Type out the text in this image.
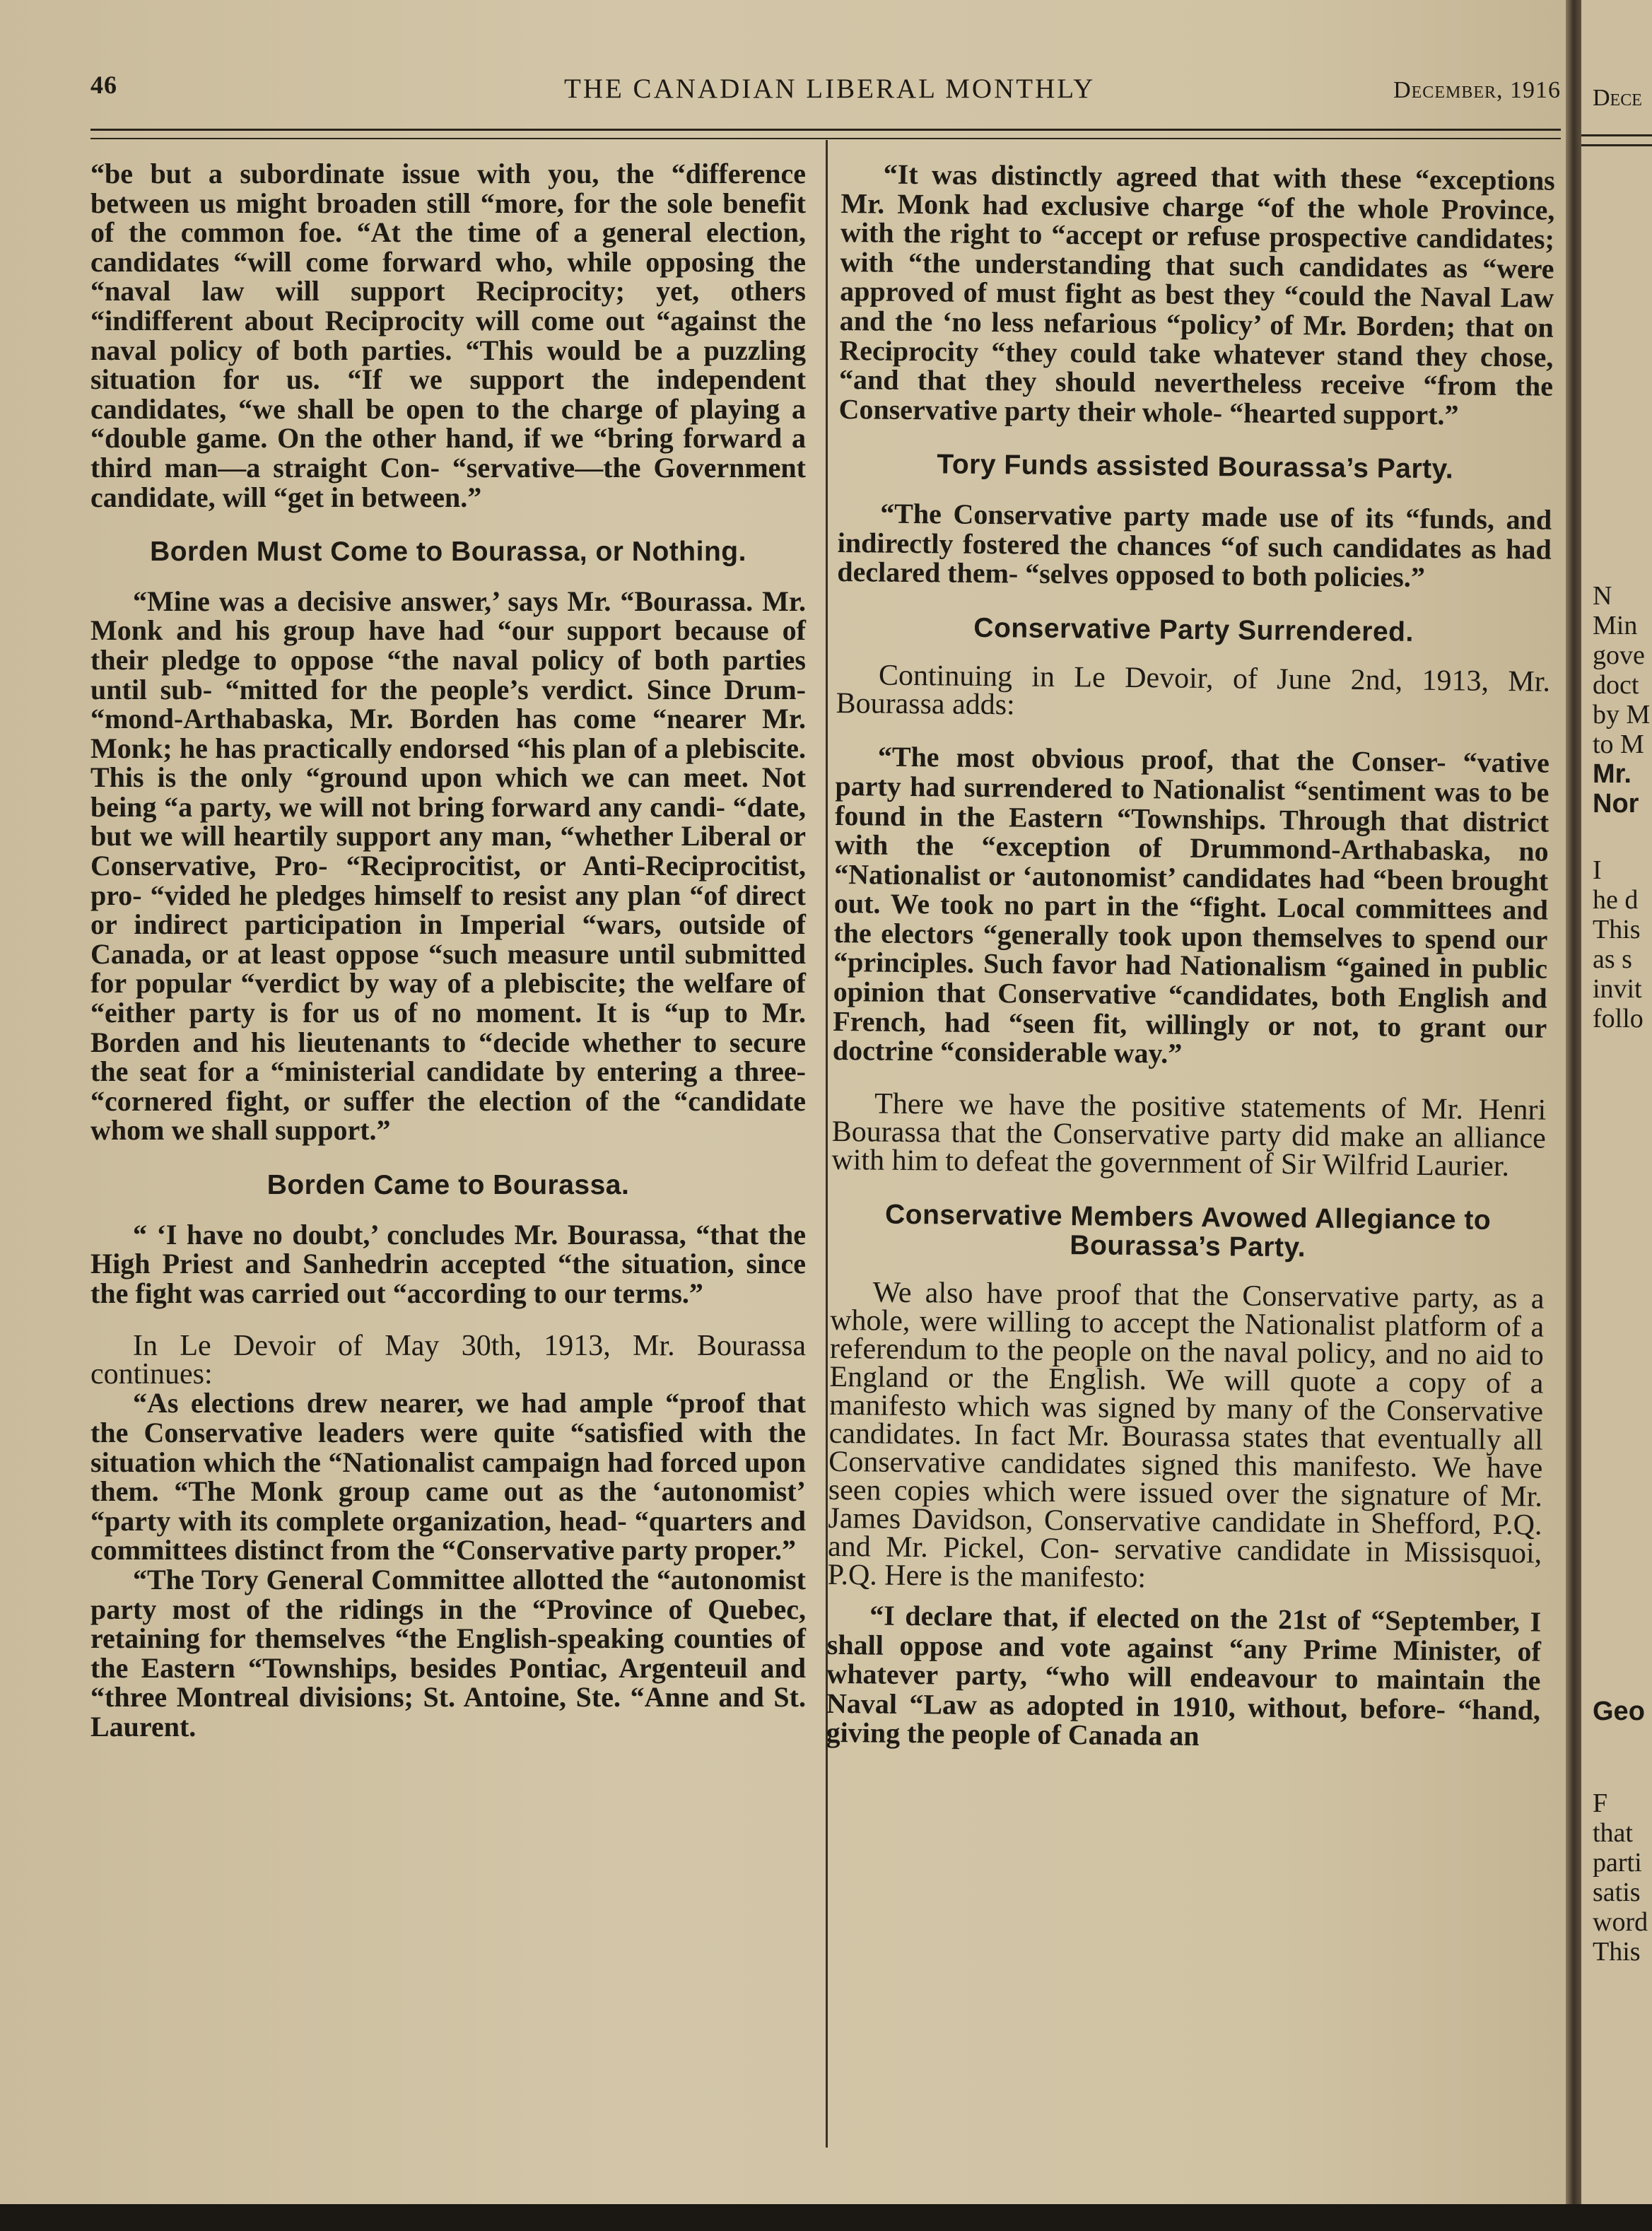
46	THE CANADIAN LIBERAL MONTHLY	December, 1916

“be but a subordinate issue with you, the “difference between us might broaden still “more, for the sole benefit of the common foe. “At the time of a general election, candidates “will come forward who, while opposing the “naval law will support Reciprocity; yet, others “indifferent about Reciprocity will come out “against the naval policy of both parties. “This would be a puzzling situation for us. “If we support the independent candidates, “we shall be open to the charge of playing a “double game. On the other hand, if we “bring forward a third man—a straight Con- “servative—the Government candidate, will “get in between.”

Borden Must Come to Bourassa, or Nothing.

“Mine was a decisive answer,’ says Mr. “Bourassa. Mr. Monk and his group have had “our support because of their pledge to oppose “the naval policy of both parties until sub- “mitted for the people’s verdict. Since Drum- “mond-Arthabaska, Mr. Borden has come “nearer Mr. Monk; he has practically endorsed “his plan of a plebiscite. This is the only “ground upon which we can meet. Not being “a party, we will not bring forward any candi- “date, but we will heartily support any man, “whether Liberal or Conservative, Pro- “Reciprocitist, or Anti-Reciprocitist, pro- “vided he pledges himself to resist any plan “of direct or indirect participation in Imperial “wars, outside of Canada, or at least oppose “such measure until submitted for popular “verdict by way of a plebiscite; the welfare of “either party is for us of no moment. It is “up to Mr. Borden and his lieutenants to “decide whether to secure the seat for a “ministerial candidate by entering a three- “cornered fight, or suffer the election of the “candidate whom we shall support.”

Borden Came to Bourassa.

“ ‘I have no doubt,’ concludes Mr. Bourassa, “that the High Priest and Sanhedrin accepted “the situation, since the fight was carried out “according to our terms.”

In Le Devoir of May 30th, 1913, Mr. Bourassa continues:

“As elections drew nearer, we had ample “proof that the Conservative leaders were quite “satisfied with the situation which the “Nationalist campaign had forced upon them. “The Monk group came out as the ‘autonomist’ “party with its complete organization, head- “quarters and committees distinct from the “Conservative party proper.”

“The Tory General Committee allotted the “autonomist party most of the ridings in the “Province of Quebec, retaining for themselves “the English-speaking counties of the Eastern “Townships, besides Pontiac, Argenteuil and “three Montreal divisions; St. Antoine, Ste. “Anne and St. Laurent.

“It was distinctly agreed that with these “exceptions Mr. Monk had exclusive charge “of the whole Province, with the right to “accept or refuse prospective candidates; with “the understanding that such candidates as “were approved of must fight as best they “could the Naval Law and the ‘no less nefarious “policy’ of Mr. Borden; that on Reciprocity “they could take whatever stand they chose, “and that they should nevertheless receive “from the Conservative party their whole- “hearted support.”

Tory Funds assisted Bourassa’s Party.

“The Conservative party made use of its “funds, and indirectly fostered the chances “of such candidates as had declared them- “selves opposed to both policies.”

Conservative Party Surrendered.

Continuing in Le Devoir, of June 2nd, 1913, Mr. Bourassa adds:

“The most obvious proof, that the Conser- “vative party had surrendered to Nationalist “sentiment was to be found in the Eastern “Townships. Through that district with the “exception of Drummond-Arthabaska, no “Nationalist or ‘autonomist’ candidates had “been brought out. We took no part in the “fight. Local committees and the electors “generally took upon themselves to spend our “principles. Such favor had Nationalism “gained in public opinion that Conservative “candidates, both English and French, had “seen fit, willingly or not, to grant our doctrine “considerable way.”

There we have the positive statements of Mr. Henri Bourassa that the Conservative party did make an alliance with him to defeat the government of Sir Wilfrid Laurier.

Conservative Members Avowed Allegiance to Bourassa’s Party.

We also have proof that the Conservative party, as a whole, were willing to accept the Nationalist platform of a referendum to the people on the naval policy, and no aid to England or the English. We will quote a copy of a manifesto which was signed by many of the Conservative candidates. In fact Mr. Bourassa states that eventually all Conservative candidates signed this manifesto. We have seen copies which were issued over the signature of Mr. James Davidson, Conservative candidate in Shefford, P.Q. and Mr. Pickel, Con- servative candidate in Missisquoi, P.Q. Here is the manifesto:

“I declare that, if elected on the 21st of “September, I shall oppose and vote against “any Prime Minister, of whatever party, “who will endeavour to maintain the Naval “Law as adopted in 1910, without, before- “hand, giving the people of Canada an

Dece
N
Min
gove
doct
by M
to M
Mr.
Nor
I
he d
This
as s
invit
follo
Geo
F
that
parti
satis
word
This
